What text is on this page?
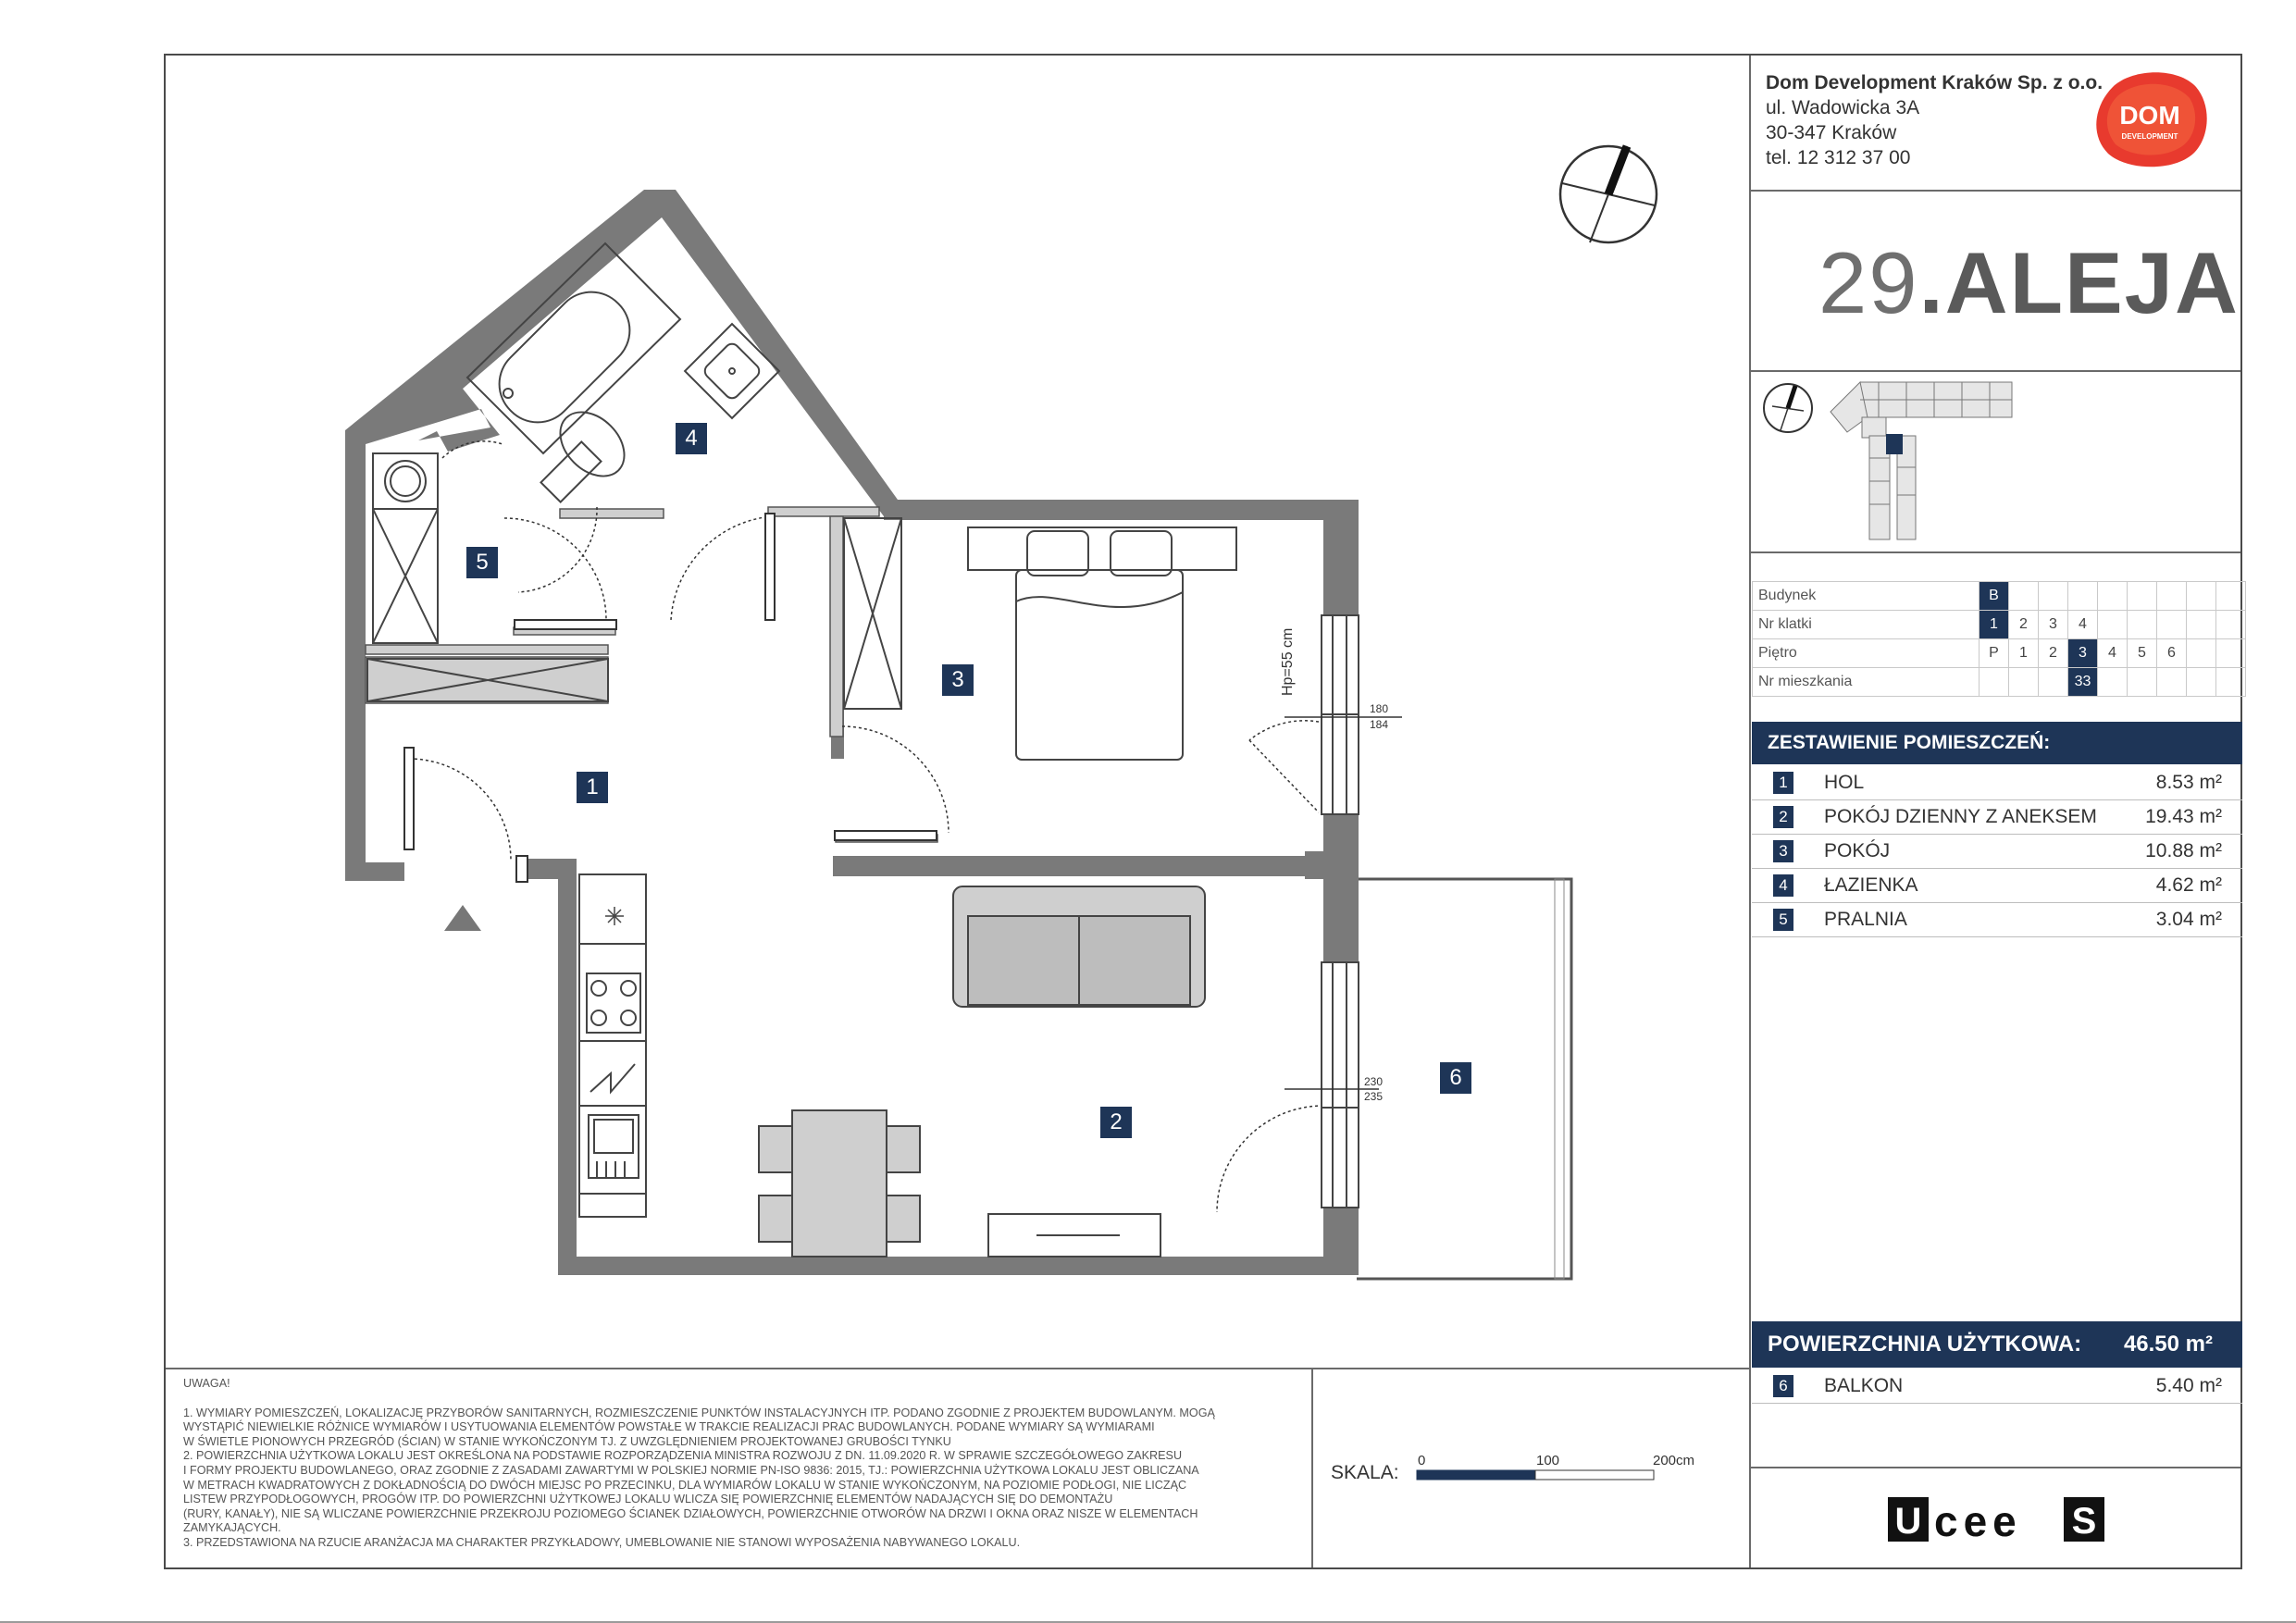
Dom Development Kraków Sp. z o.o.
ul. Wadowicka 3A
30-347 Kraków
tel. 12 312 37 00
DOM
DEVELOPMENT
29.ALEJA
Budynek	B								
Nr klatki	1	2	3	4					
Piętro	P	1	2	3	4	5	6		
Nr mieszkania				33					
ZESTAWIENIE POMIESZCZEŃ:
1 HOL	8.53 m²
2 POKÓJ DZIENNY Z ANEKSEM 19.43 m²
3 POKÓJ	10.88 m²
4 ŁAZIENKA	4.62 m²
5 PRALNIA	3.04 m²
POWIERZCHNIA UŻYTKOWA: 46.50 m²
6 BALKON	5.40 m²
UWAGA!
1. WYMIARY POMIESZCZEŃ, LOKALIZACJĘ PRZYBORÓW SANITARNYCH, ROZMIESZCZENIE PUNKTÓW INSTALACYJNYCH ITP. PODANO ZGODNIE Z PROJEKTEM BUDOWLANYM. MOGĄ
WYSTĄPIĆ NIEWIELKIE RÓŻNICE WYMIARÓW I USYTUOWANIA ELEMENTÓW POWSTAŁE W TRAKCIE REALIZACJI PRAC BUDOWLANYCH. PODANE WYMIARY SĄ WYMIARAMI
W ŚWIETLE PIONOWYCH PRZEGRÓD (ŚCIAN) W STANIE WYKOŃCZONYM TJ. Z UWZGLĘDNIENIEM PROJEKTOWANEJ GRUBOŚCI TYNKU
2. POWIERZCHNIA UŻYTKOWA LOKALU JEST OKREŚLONA NA PODSTAWIE ROZPORZĄDZENIA MINISTRA ROZWOJU Z DN. 11.09.2020 R. W SPRAWIE SZCZEGÓŁOWEGO ZAKRESU
I FORMY PROJEKTU BUDOWLANEGO, ORAZ ZGODNIE Z ZASADAMI ZAWARTYMI W POLSKIEJ NORMIE PN-ISO 9836: 2015, TJ.: POWIERZCHNIA UŻYTKOWA LOKALU JEST OBLICZANA
W METRACH KWADRATOWYCH Z DOKŁADNOŚCIĄ DO DWÓCH MIEJSC PO PRZECINKU, DLA WYMIARÓW LOKALU W STANIE WYKOŃCZONYM, NA POZIOMIE PODŁOGI, NIE LICZĄC
LISTEW PRZYPODŁOGOWYCH, PROGÓW ITP. DO POWIERZCHNI UŻYTKOWEJ LOKALU WLICZA SIĘ POWIERZCHNIĘ ELEMENTÓW NADAJĄCYCH SIĘ DO DEMONTAŻU
(RURY, KANAŁY), NIE SĄ WLICZANE POWIERZCHNIE PRZEKROJU POZIOMEGO ŚCIANEK DZIAŁOWYCH, POWIERZCHNIE OTWORÓW NA DRZWI I OKNA ORAZ NISZE W ELEMENTACH
ZAMYKAJĄCYCH.
3. PRZEDSTAWIONA NA RZUCIE ARANŻACJA MA CHARAKTER PRZYKŁADOWY, UMEBLOWANIE NIE STANOWI WYPOSAŻENIA NABYWANEGO LOKALU.
SKALA:
0	100	200cm
U cee S
Hp=55 cm
180
184
230
235
1
2
3
4
5
6
